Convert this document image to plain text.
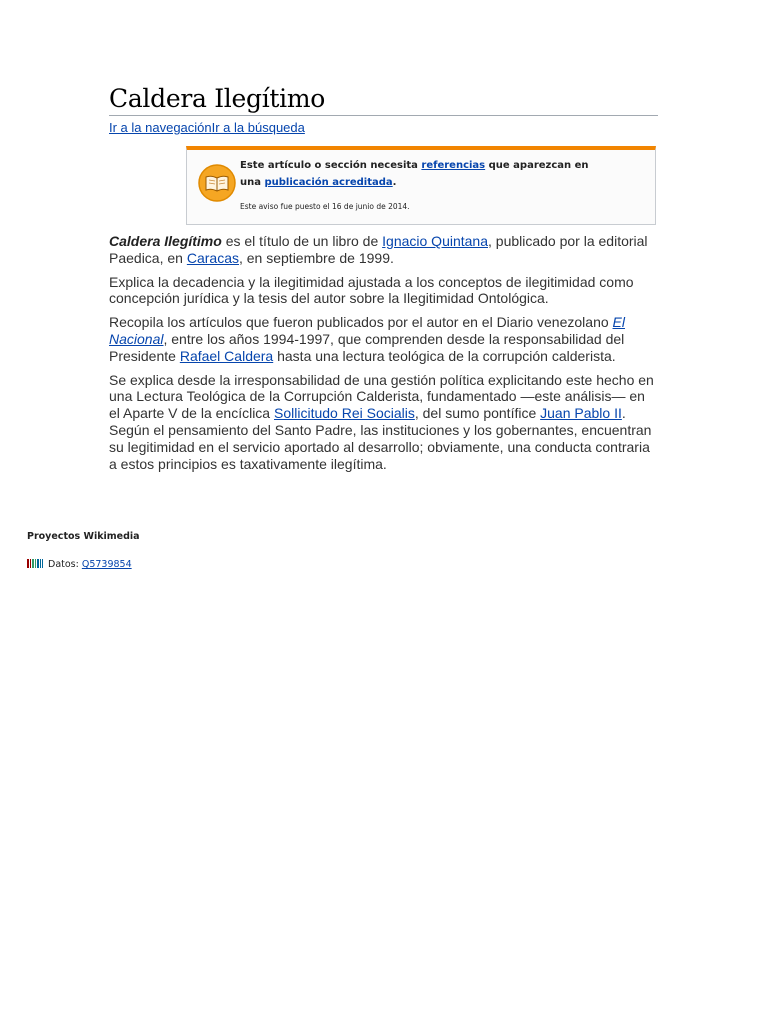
Caldera Ilegítimo
Ir a la navegaciónIr a la búsqueda
Este artículo o sección necesita referencias que aparezcan en
una publicación acreditada.
Este aviso fue puesto el 16 de junio de 2014.

Caldera Ilegítimo es el título de un libro de Ignacio Quintana, publicado por la editorial Paedica, en Caracas, en septiembre de 1999.

Explica la decadencia y la ilegitimidad ajustada a los conceptos de ilegitimidad como concepción jurídica y la tesis del autor sobre la Ilegitimidad Ontológica.

Recopila los artículos que fueron publicados por el autor en el Diario venezolano El Nacional, entre los años 1994-1997, que comprenden desde la responsabilidad del Presidente Rafael Caldera hasta una lectura teológica de la corrupción calderista.

Se explica desde la irresponsabilidad de una gestión política explicitando este hecho en una Lectura Teológica de la Corrupción Calderista, fundamentado —este análisis— en el Aparte V de la encíclica Sollicitudo Rei Socialis, del sumo pontífice Juan Pablo II. Según el pensamiento del Santo Padre, las instituciones y los gobernantes, encuentran su legitimidad en el servicio aportado al desarrollo; obviamente, una conducta contraria a estos principios es taxativamente ilegítima.

Proyectos Wikimedia
Datos: Q5739854
